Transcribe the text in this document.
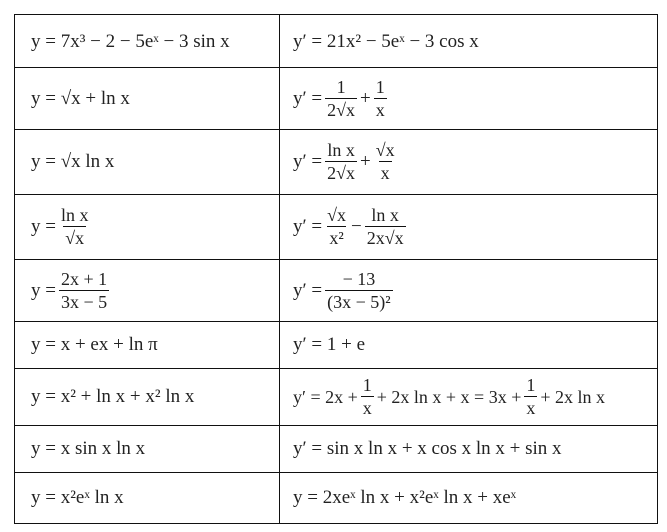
y = 7x³ − 2 − 5eˣ − 3 sin x	y′ = 21x² − 5eˣ − 3 cos x
y = √x + ln x	$y' = \frac{1}{2√x} + \frac{1}{x}$
y = √x ln x	$y' = \frac{\text{ln x}}{2√x} + \frac{√x}{x}$
$y = \frac{\text{ln x}}{√x}$	$y' = \frac{√x}{\text{x²}} - \frac{\text{ln x}}{2x√x}$
$y = \frac{2x + 1}{3x - 5}$	$y' = \frac{- 13}{\text{(3x − 5)²}}$
y = x + ex + ln π	y′ = 1 + e
y = x² + ln x + x² ln x	$y' = 2x + \frac{1}{x} + 2x$ $\ln x + x = 3x + \frac{1}{x} + 2x$ ln x
y = x sin x ln x	y′ = sin x ln x + x cos x ln x + sin x
y = x²eˣ ln x	y = 2xeˣ ln x + x²eˣ ln x + xeˣ
